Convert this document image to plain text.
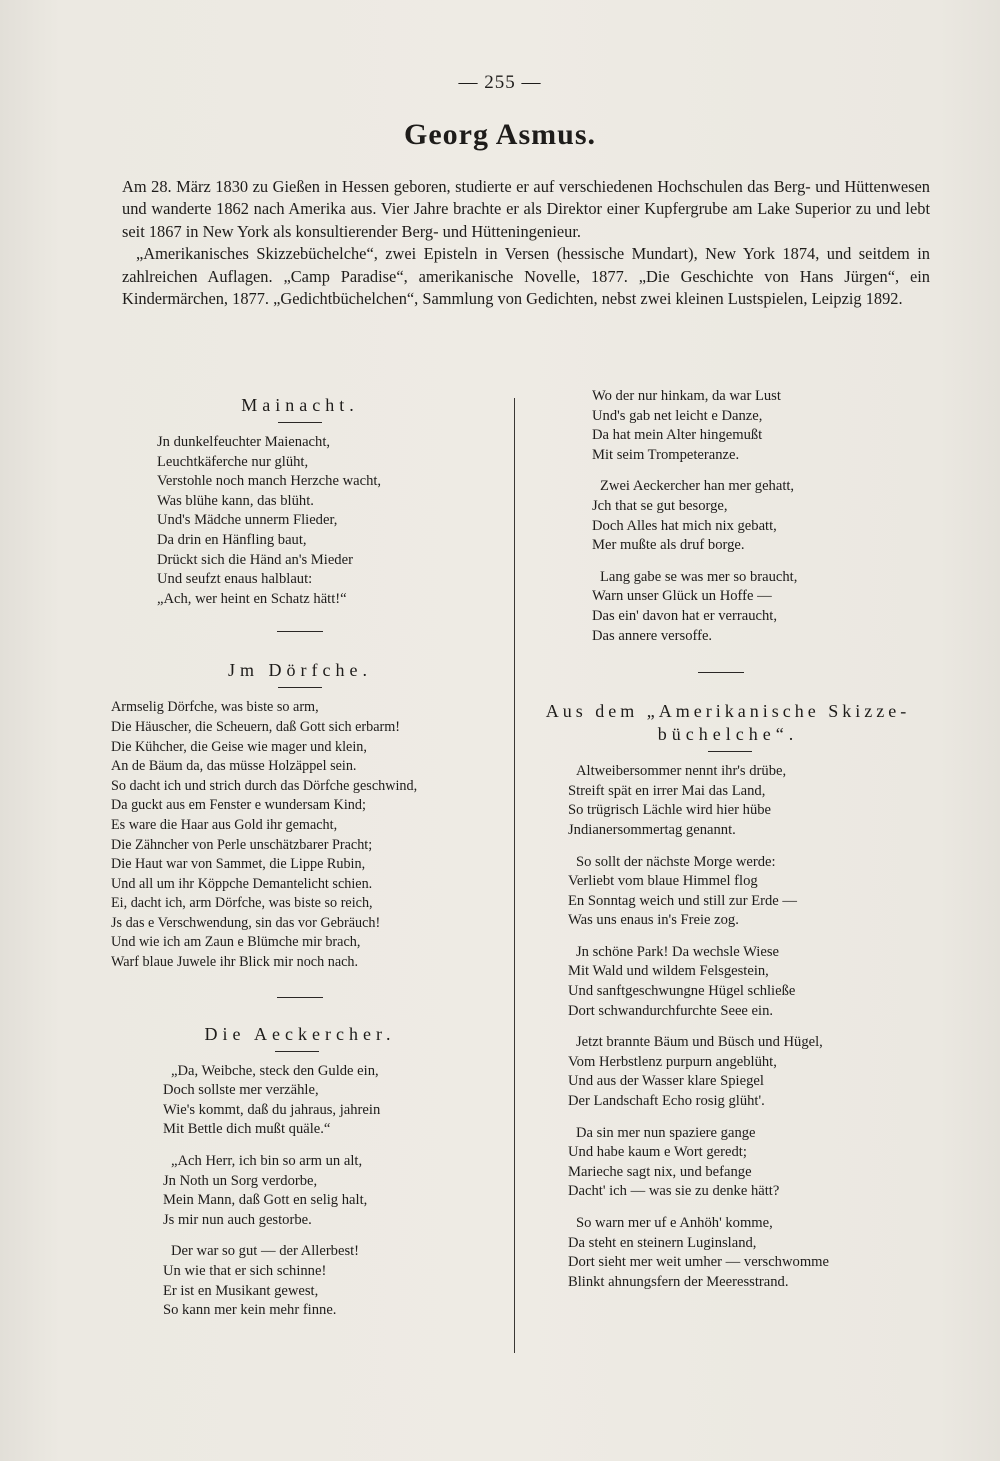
— 255 —
Georg Asmus.

Am 28. März 1830 zu Gießen in Hessen geboren, studierte er auf verschiedenen Hochschulen das Berg- und Hüttenwesen und wanderte 1862 nach Amerika aus. Vier Jahre brachte er als Direktor einer Kupfergrube am Lake Superior zu und lebt seit 1867 in New York als konsultierender Berg- und Hütteningenieur.

„Amerikanisches Skizzebüchelche“, zwei Episteln in Versen (hessische Mundart), New York 1874, und seitdem in zahlreichen Auflagen. „Camp Paradise“, amerikanische Novelle, 1877. „Die Geschichte von Hans Jürgen“, ein Kindermärchen, 1877. „Gedichtbüchelchen“, Sammlung von Gedichten, nebst zwei kleinen Lustspielen, Leipzig 1892.

Mainacht.
Jn dunkelfeuchter Maienacht,
Leuchtkäferche nur glüht,
Verstohle noch manch Herzche wacht,
Was blühe kann, das blüht.
Und's Mädche unnerm Flieder,
Da drin en Hänfling baut,
Drückt sich die Händ an's Mieder
Und seufzt enaus halblaut:
„Ach, wer heint en Schatz hätt!“
Jm Dörfche.
Armselig Dörfche, was biste so arm,
Die Häuscher, die Scheuern, daß Gott sich erbarm!
Die Kühcher, die Geise wie mager und klein,
An de Bäum da, das müsse Holzäppel sein.
So dacht ich und strich durch das Dörfche geschwind,
Da guckt aus em Fenster e wundersam Kind;
Es ware die Haar aus Gold ihr gemacht,
Die Zähncher von Perle unschätzbarer Pracht;
Die Haut war von Sammet, die Lippe Rubin,
Und all um ihr Köppche Demantelicht schien.
Ei, dacht ich, arm Dörfche, was biste so reich,
Js das e Verschwendung, sin das vor Gebräuch!
Und wie ich am Zaun e Blümche mir brach,
Warf blaue Juwele ihr Blick mir noch nach.
Die Aeckercher.
„Da, Weibche, steck den Gulde ein,
Doch sollste mer verzähle,
Wie's kommt, daß du jahraus, jahrein
Mit Bettle dich mußt quäle.“
„Ach Herr, ich bin so arm un alt,
Jn Noth un Sorg verdorbe,
Mein Mann, daß Gott en selig halt,
Js mir nun auch gestorbe.
Der war so gut — der Allerbest!
Un wie that er sich schinne!
Er ist en Musikant gewest,
So kann mer kein mehr finne.
Wo der nur hinkam, da war Lust
Und's gab net leicht e Danze,
Da hat mein Alter hingemußt
Mit seim Trompeteranze.
Zwei Aeckercher han mer gehatt,
Jch that se gut besorge,
Doch Alles hat mich nix gebatt,
Mer mußte als druf borge.
Lang gabe se was mer so braucht,
Warn unser Glück un Hoffe —
Das ein' davon hat er verraucht,
Das annere versoffe.
Aus dem „Amerikanische Skizze-
büchelche“.
Altweibersommer nennt ihr's drübe,
Streift spät en irrer Mai das Land,
So trügrisch Lächle wird hier hübe
Jndianersommertag genannt.
So sollt der nächste Morge werde:
Verliebt vom blaue Himmel flog
En Sonntag weich und still zur Erde —
Was uns enaus in's Freie zog.
Jn schöne Park! Da wechsle Wiese
Mit Wald und wildem Felsgestein,
Und sanftgeschwungne Hügel schließe
Dort schwandurchfurchte Seee ein.
Jetzt brannte Bäum und Büsch und Hügel,
Vom Herbstlenz purpurn angeblüht,
Und aus der Wasser klare Spiegel
Der Landschaft Echo rosig glüht'.
Da sin mer nun spaziere gange
Und habe kaum e Wort geredt;
Marieche sagt nix, und befange
Dacht' ich — was sie zu denke hätt?
So warn mer uf e Anhöh' komme,
Da steht en steinern Luginsland,
Dort sieht mer weit umher — verschwomme
Blinkt ahnungsfern der Meeresstrand.
